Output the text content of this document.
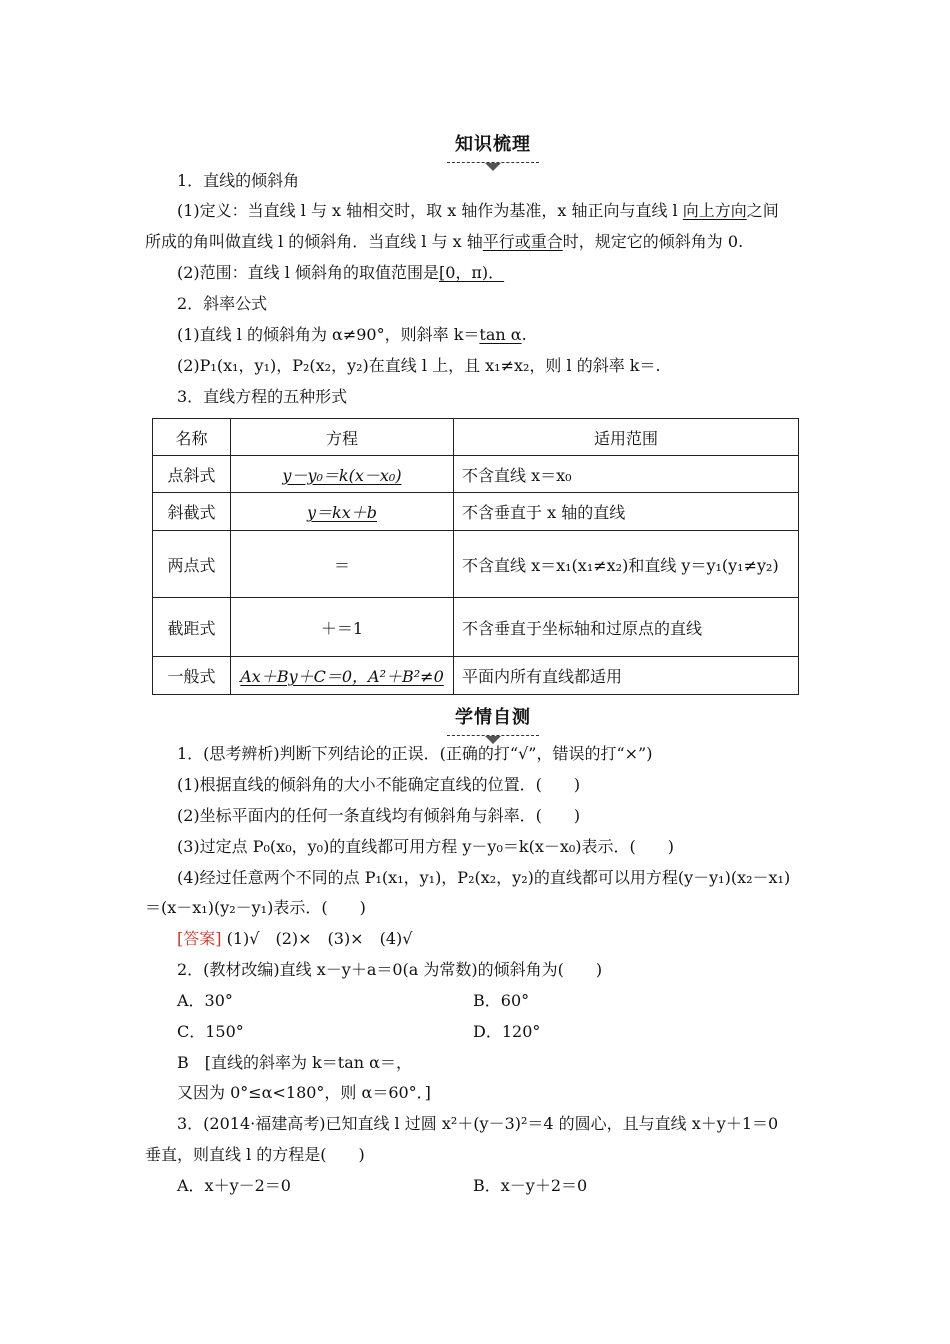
知识梳理
1．直线的倾斜角
(1)定义：当直线 l 与 x 轴相交时，取 x 轴作为基准，x 轴正向与直线 l 向上方向之间
所成的角叫做直线 l 的倾斜角．当直线 l 与 x 轴平行或重合时，规定它的倾斜角为 0.
(2)范围：直线 l 倾斜角的取值范围是[0，π)．
2．斜率公式
(1)直线 l 的倾斜角为 α≠90°，则斜率 k＝tan α.
(2)P₁(x₁，y₁)，P₂(x₂，y₂)在直线 l 上，且 x₁≠x₂，则 l 的斜率 k＝.
3．直线方程的五种形式
名称	方程	适用范围
点斜式	y－y₀＝k(x－x₀)	不含直线 x＝x₀
斜截式	y＝kx＋b	不含垂直于 x 轴的直线
两点式	＝	不含直线 x＝x₁(x₁≠x₂)和直线 y＝y₁(y₁≠y₂)
截距式	＋＝1	不含垂直于坐标轴和过原点的直线
一般式	Ax＋By＋C＝0，A²＋B²≠0	平面内所有直线都适用
学情自测
1．(思考辨析)判断下列结论的正误．(正确的打“√”，错误的打“×”)
(1)根据直线的倾斜角的大小不能确定直线的位置．(　　)
(2)坐标平面内的任何一条直线均有倾斜角与斜率．(　　)
(3)过定点 P₀(x₀，y₀)的直线都可用方程 y－y₀＝k(x－x₀)表示．(　　)
(4)经过任意两个不同的点 P₁(x₁，y₁)，P₂(x₂，y₂)的直线都可以用方程(y－y₁)(x₂－x₁)
＝(x－x₁)(y₂－y₁)表示．(　　)
[答案] (1)√　(2)×　(3)×　(4)√
2．(教材改编)直线 x－y＋a＝0(a 为常数)的倾斜角为(　　)
A．30°	B．60°
C．150°	D．120°
B　[直线的斜率为 k＝tan α＝，
又因为 0°≤α<180°，则 α＝60°．]
3．(2014·福建高考)已知直线 l 过圆 x²＋(y－3)²＝4 的圆心，且与直线 x＋y＋1＝0
垂直，则直线 l 的方程是(　　)
A．x＋y－2＝0	B．x－y＋2＝0
